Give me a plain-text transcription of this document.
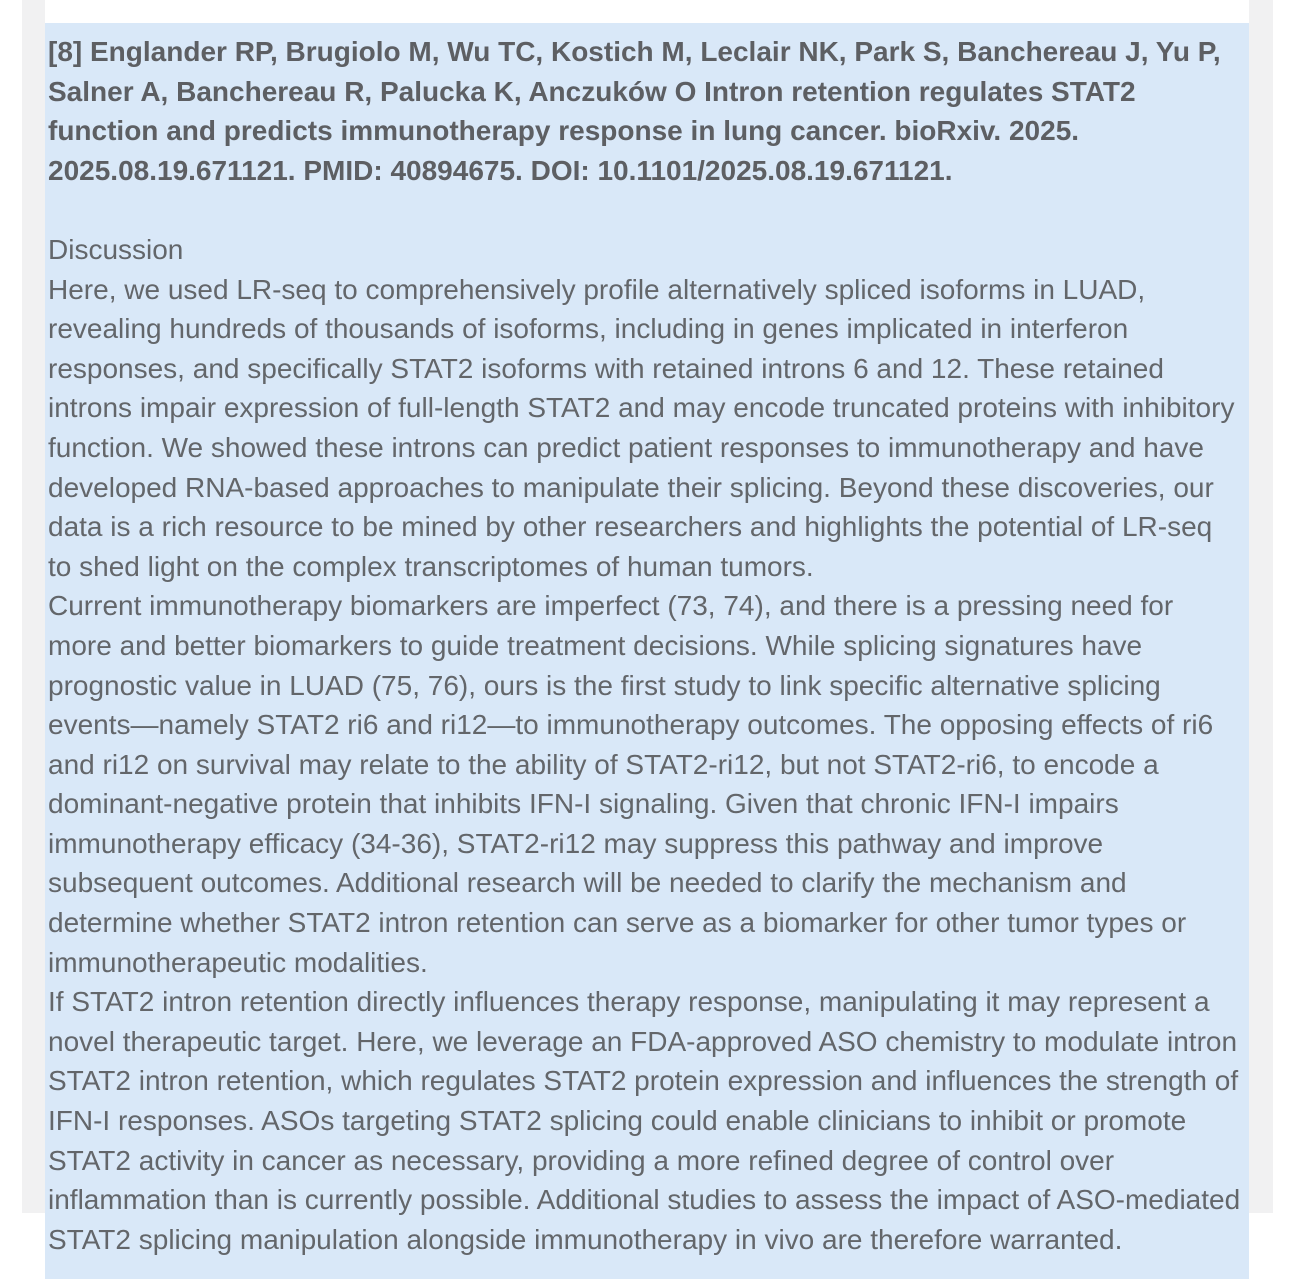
[8] Englander RP, Brugiolo M, Wu TC, Kostich M, Leclair NK, Park S, Banchereau J, Yu P, Salner A, Banchereau R, Palucka K, Anczuków O Intron retention regulates STAT2 function and predicts immunotherapy response in lung cancer. bioRxiv. 2025. 2025.08.19.671121. PMID: 40894675. DOI: 10.1101/2025.08.19.671121.

Discussion

Here, we used LR-seq to comprehensively profile alternatively spliced isoforms in LUAD, revealing hundreds of thousands of isoforms, including in genes implicated in interferon responses, and specifically STAT2 isoforms with retained introns 6 and 12. These retained introns impair expression of full-length STAT2 and may encode truncated proteins with inhibitory function. We showed these introns can predict patient responses to immunotherapy and have developed RNA-based approaches to manipulate their splicing. Beyond these discoveries, our data is a rich resource to be mined by other researchers and highlights the potential of LR-seq to shed light on the complex transcriptomes of human tumors.

Current immunotherapy biomarkers are imperfect (73, 74), and there is a pressing need for more and better biomarkers to guide treatment decisions. While splicing signatures have prognostic value in LUAD (75, 76), ours is the first study to link specific alternative splicing events—namely STAT2 ri6 and ri12—to immunotherapy outcomes. The opposing effects of ri6 and ri12 on survival may relate to the ability of STAT2-ri12, but not STAT2-ri6, to encode a dominant-negative protein that inhibits IFN-I signaling. Given that chronic IFN-I impairs immunotherapy efficacy (34-36), STAT2-ri12 may suppress this pathway and improve subsequent outcomes. Additional research will be needed to clarify the mechanism and determine whether STAT2 intron retention can serve as a biomarker for other tumor types or immunotherapeutic modalities.

If STAT2 intron retention directly influences therapy response, manipulating it may represent a novel therapeutic target. Here, we leverage an FDA-approved ASO chemistry to modulate intron STAT2 intron retention, which regulates STAT2 protein expression and influences the strength of IFN-I responses. ASOs targeting STAT2 splicing could enable clinicians to inhibit or promote STAT2 activity in cancer as necessary, providing a more refined degree of control over inflammation than is currently possible. Additional studies to assess the impact of ASO-mediated STAT2 splicing manipulation alongside immunotherapy in vivo are therefore warranted.
